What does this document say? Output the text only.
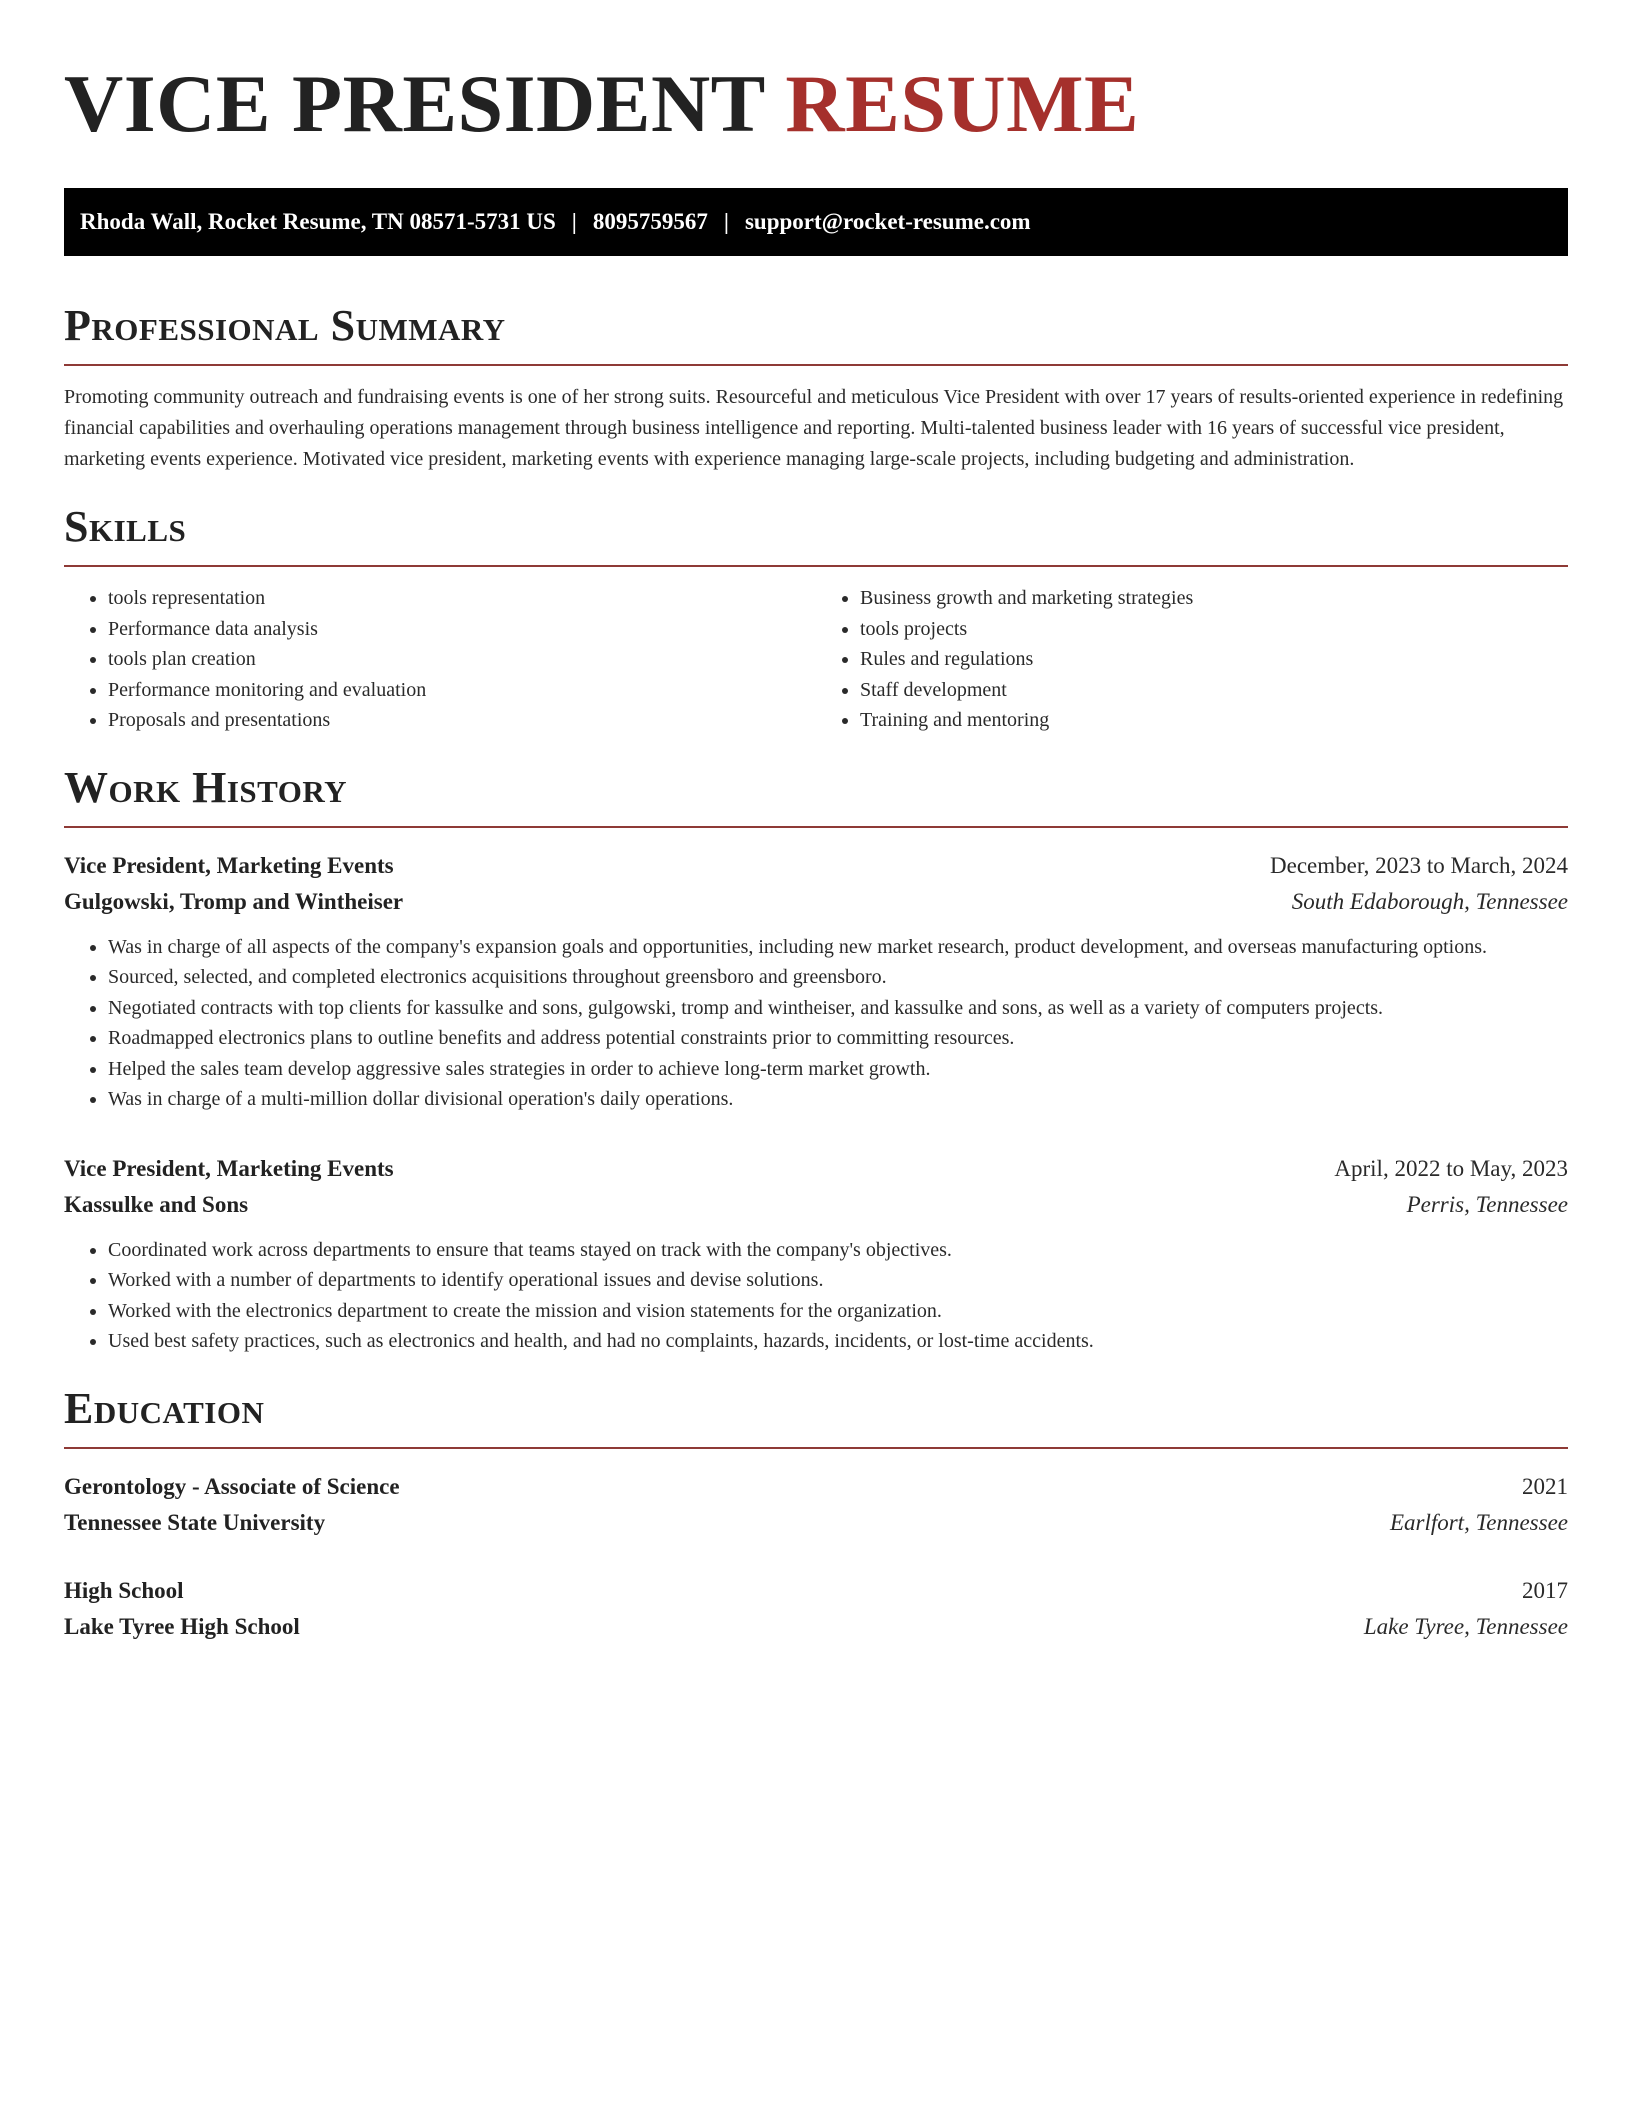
VICE PRESIDENT RESUME
Rhoda Wall, Rocket Resume, TN 08571-5731 US | 8095759567 | support@rocket-resume.com
Professional Summary

Promoting community outreach and fundraising events is one of her strong suits. Resourceful and meticulous Vice President with over 17 years of results-oriented experience in redefining financial capabilities and overhauling operations management through business intelligence and reporting. Multi-talented business leader with 16 years of successful vice president, marketing events experience. Motivated vice president, marketing events with experience managing large-scale projects, including budgeting and administration.

Skills
• tools representation
• Performance data analysis
• tools plan creation
• Performance monitoring and evaluation
• Proposals and presentations
• Business growth and marketing strategies
• tools projects
• Rules and regulations
• Staff development
• Training and mentoring
Work History
Vice President, Marketing Events	December, 2023 to March, 2024
Gulgowski, Tromp and Wintheiser	South Edaborough, Tennessee
• Was in charge of all aspects of the company's expansion goals and opportunities, including new market research, product development, and overseas manufacturing options.
• Sourced, selected, and completed electronics acquisitions throughout greensboro and greensboro.
• Negotiated contracts with top clients for kassulke and sons, gulgowski, tromp and wintheiser, and kassulke and sons, as well as a variety of computers projects.
• Roadmapped electronics plans to outline benefits and address potential constraints prior to committing resources.
• Helped the sales team develop aggressive sales strategies in order to achieve long-term market growth.
• Was in charge of a multi-million dollar divisional operation's daily operations.
Vice President, Marketing Events	April, 2022 to May, 2023
Kassulke and Sons	Perris, Tennessee
• Coordinated work across departments to ensure that teams stayed on track with the company's objectives.
• Worked with a number of departments to identify operational issues and devise solutions.
• Worked with the electronics department to create the mission and vision statements for the organization.
• Used best safety practices, such as electronics and health, and had no complaints, hazards, incidents, or lost-time accidents.
Education
Gerontology - Associate of Science	2021
Tennessee State University	Earlfort, Tennessee
High School	2017
Lake Tyree High School	Lake Tyree, Tennessee
